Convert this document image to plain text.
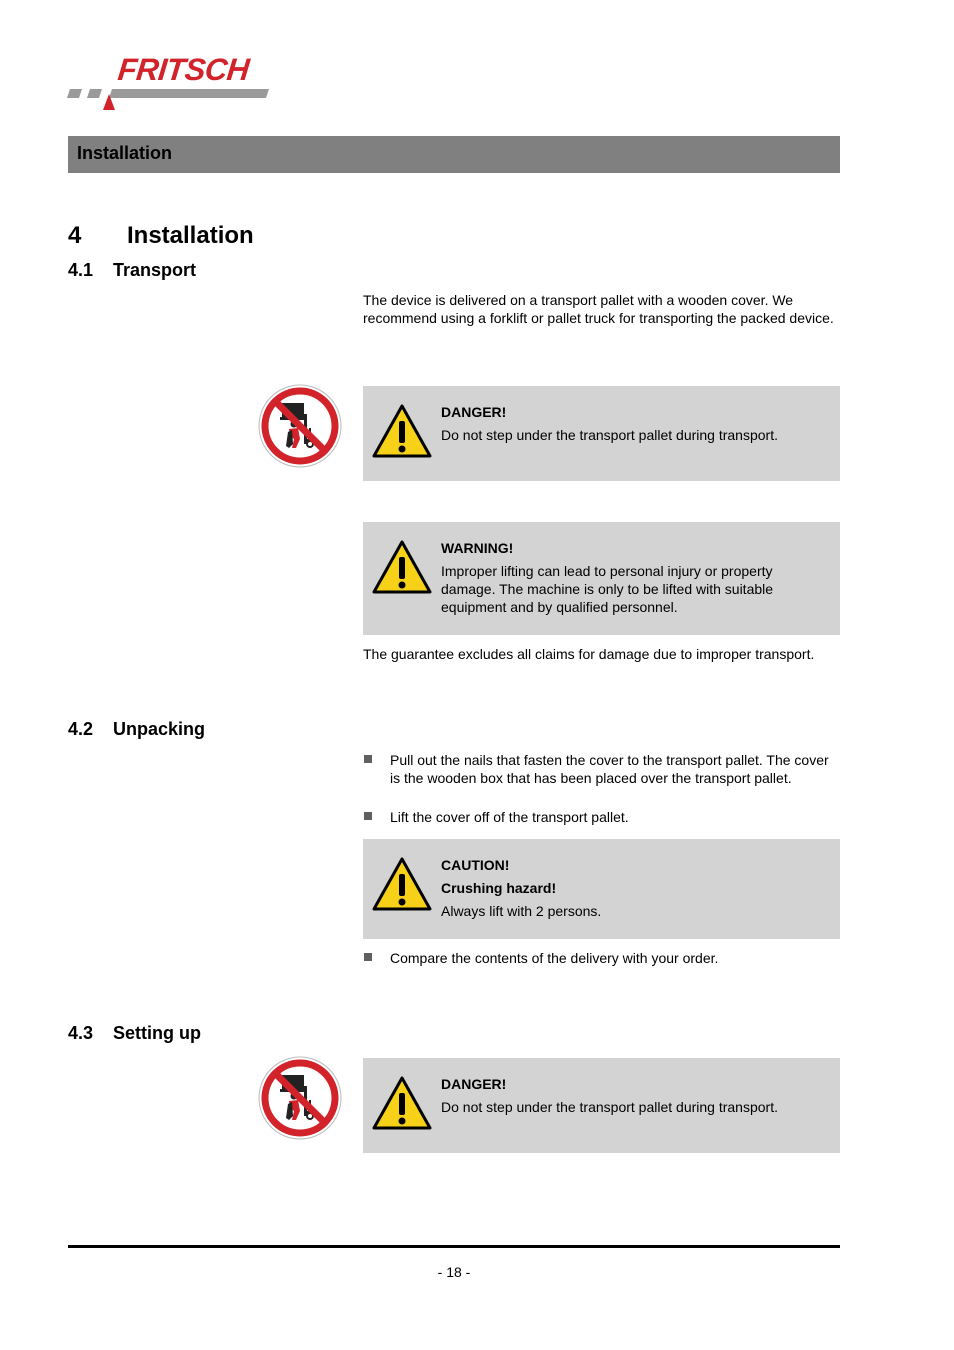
FRITSCH
Installation
4 Installation
4.1 Transport
The device is delivered on a transport pallet with a wooden cover. We recommend using a forklift or pallet truck for transporting the packed device.
DANGER!
Do not step under the transport pallet during transport.
WARNING!
Improper lifting can lead to personal injury or property damage. The machine is only to be lifted with suitable equipment and by qualified personnel.
The guarantee excludes all claims for damage due to improper transport.
4.2 Unpacking
Pull out the nails that fasten the cover to the transport pallet. The cover is the wooden box that has been placed over the transport pallet.
Lift the cover off of the transport pallet.
CAUTION!
Crushing hazard!
Always lift with 2 persons.
Compare the contents of the delivery with your order.
4.3 Setting up
DANGER!
Do not step under the transport pallet during transport.
- 18 -
